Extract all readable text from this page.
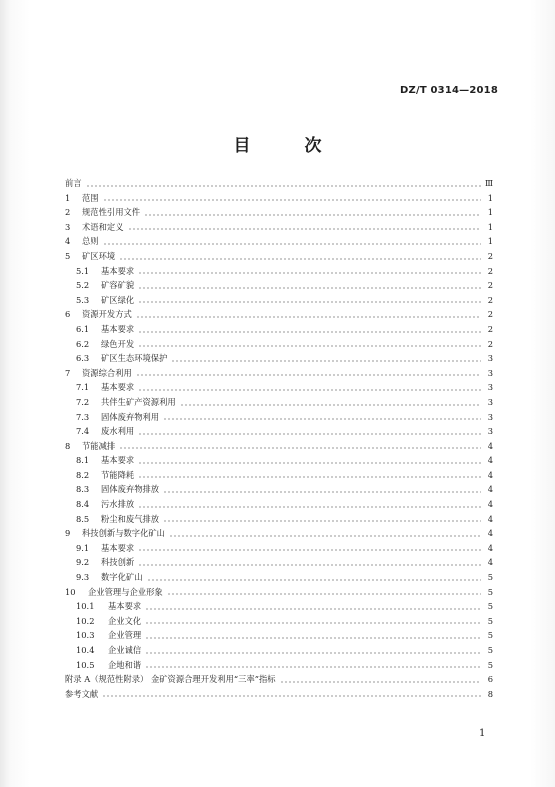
DZ/T 0314—2018
目 次
前言	Ⅲ
1	范围	1
2	规范性引用文件	1
3	术语和定义	1
4	总则	1
5	矿区环境	2
5.1	基本要求	2
5.2	矿容矿貌	2
5.3	矿区绿化	2
6	资源开发方式	2
6.1	基本要求	2
6.2	绿色开发	2
6.3	矿区生态环境保护	3
7	资源综合利用	3
7.1	基本要求	3
7.2	共伴生矿产资源利用	3
7.3	固体废弃物利用	3
7.4	废水利用	3
8	节能减排	4
8.1	基本要求	4
8.2	节能降耗	4
8.3	固体废弃物排放	4
8.4	污水排放	4
8.5	粉尘和废气排放	4
9	科技创新与数字化矿山	4
9.1	基本要求	4
9.2	科技创新	4
9.3	数字化矿山	5
10	企业管理与企业形象	5
10.1	基本要求	5
10.2	企业文化	5
10.3	企业管理	5
10.4	企业诚信	5
10.5	企地和谐	5
附录 A（规范性附录） 金矿资源合理开发利用“三率”指标	6
参考文献	8
1
